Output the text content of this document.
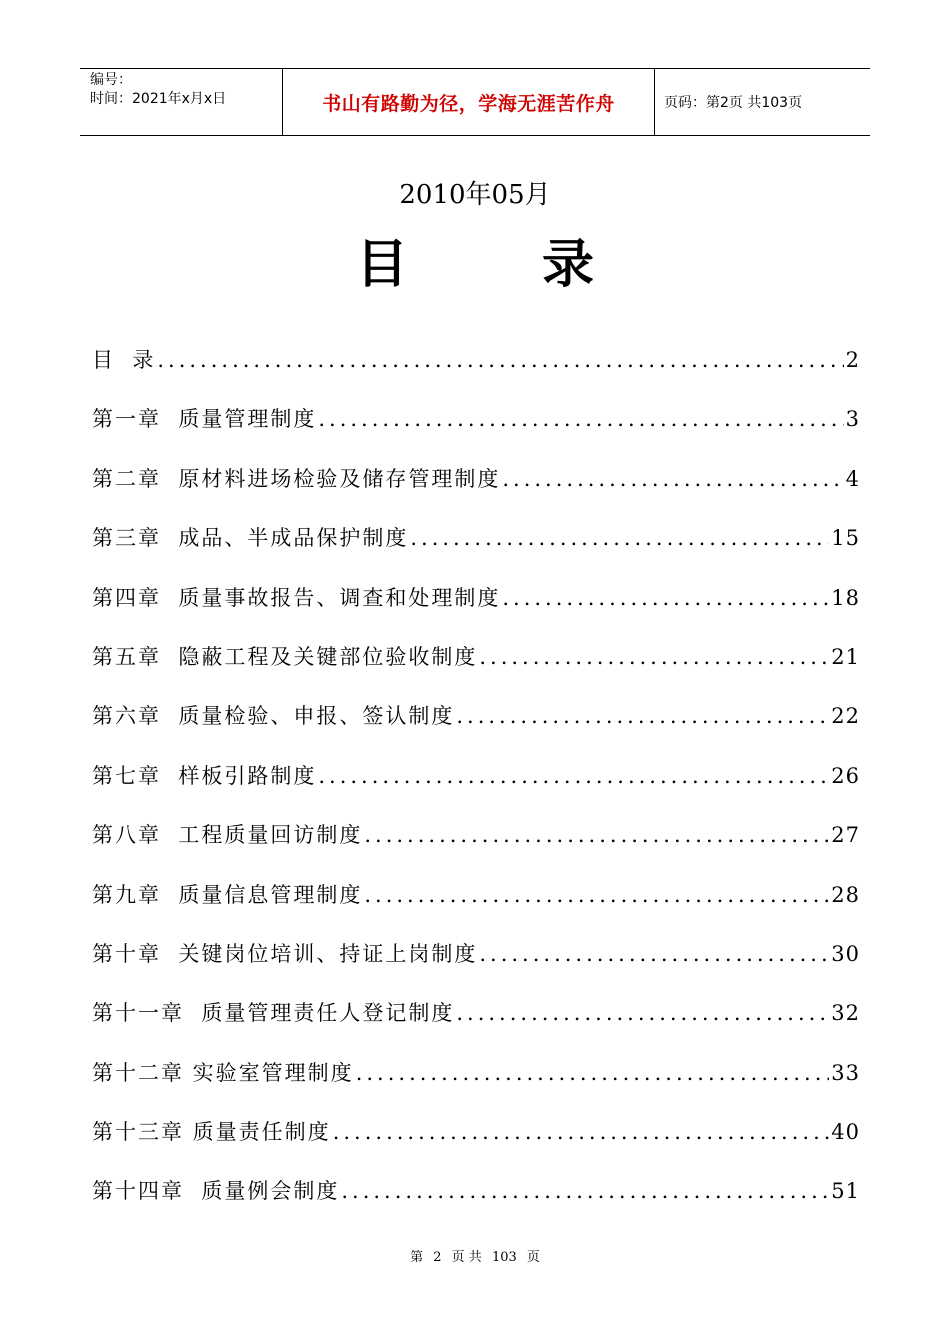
编号：
时间：2021年x月x日	书山有路勤为径，学海无涯苦作舟	页码：第2页 共103页
2010年05月
目 录
目  录 .....	2
第一章 质量管理制度 .....	3
第二章 原材料进场检验及储存管理制度 .....	4
第三章 成品、半成品保护制度 .....	15
第四章 质量事故报告、调查和处理制度 .....	18
第五章 隐蔽工程及关键部位验收制度 .....	21
第六章 质量检验、申报、签认制度 .....	22
第七章 样板引路制度 .....	26
第八章 工程质量回访制度 .....	27
第九章 质量信息管理制度 .....	28
第十章 关键岗位培训、持证上岗制度 .....	30
第十一章 质量管理责任人登记制度 .....	32
第十二章 实验室管理制度 .....	33
第十三章 质量责任制度 .....	40
第十四章 质量例会制度 .....	51
第 2 页 共 103 页
